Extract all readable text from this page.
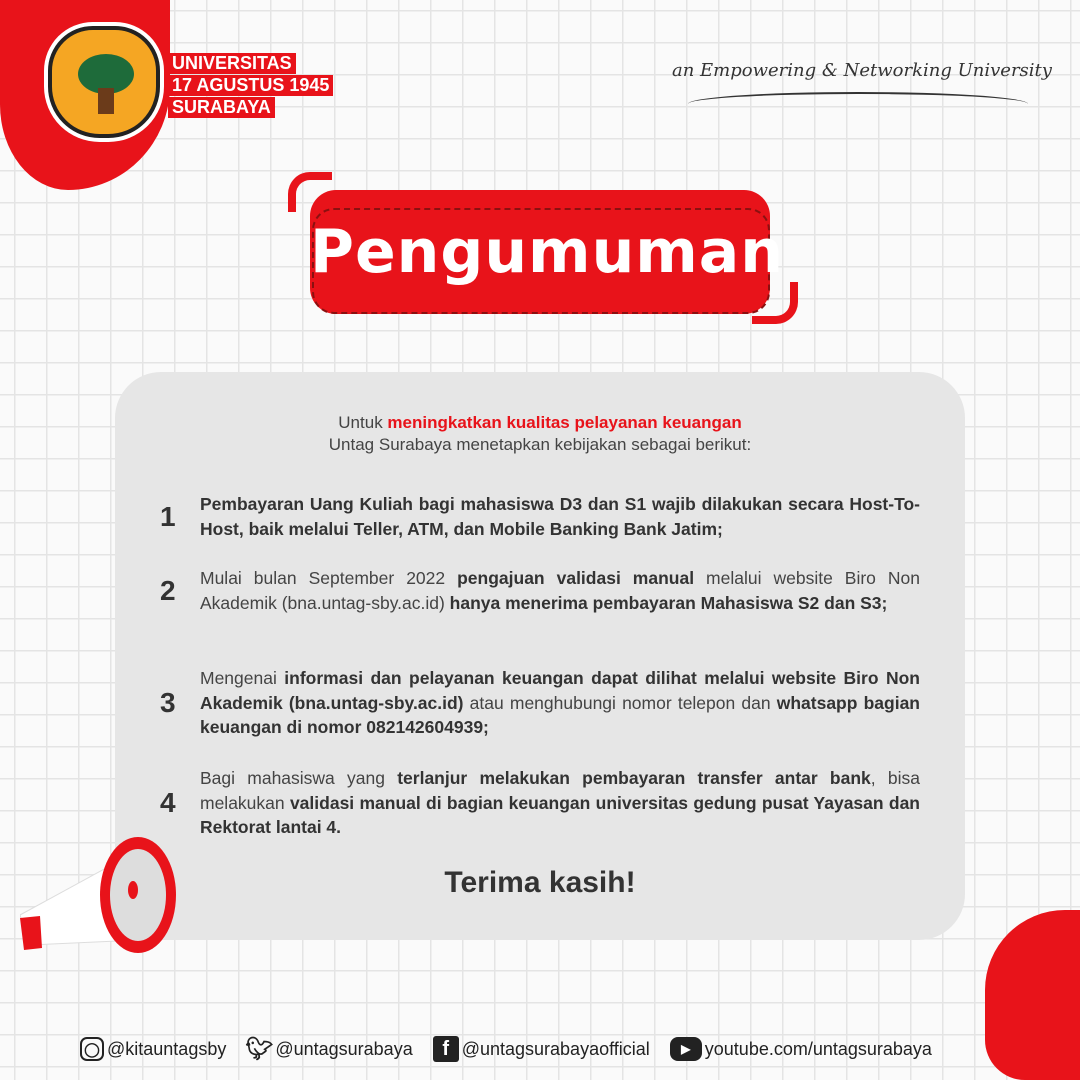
UNIVERSITAS
17 AGUSTUS 1945
SURABAYA
an Empowering & Networking University
Pengumuman
Untuk meningkatkan kualitas pelayanan keuangan
Untag Surabaya menetapkan kebijakan sebagai berikut:
1	Pembayaran Uang Kuliah bagi mahasiswa D3 dan S1 wajib dilakukan secara Host-To-Host, baik melalui Teller, ATM, dan Mobile Banking Bank Jatim;
2	Mulai bulan September 2022 pengajuan validasi manual melalui website Biro Non Akademik (bna.untag-sby.ac.id) hanya menerima pembayaran Mahasiswa S2 dan S3;
3
Mengenai informasi dan pelayanan keuangan dapat dilihat melalui website Biro Non Akademik (bna.untag-sby.ac.id) atau menghubungi nomor telepon dan whatsapp bagian keuangan di nomor 082142604939;
4
Bagi mahasiswa yang terlanjur melakukan pembayaran transfer antar bank, bisa melakukan validasi manual di bagian keuangan universitas gedung pusat Yayasan dan Rektorat lantai 4.
Terima kasih!
◯ @kitauntagsby 🐦︎ @untagsurabaya	f @untagsurabayaofficial	▶ youtube.com/untagsurabaya
